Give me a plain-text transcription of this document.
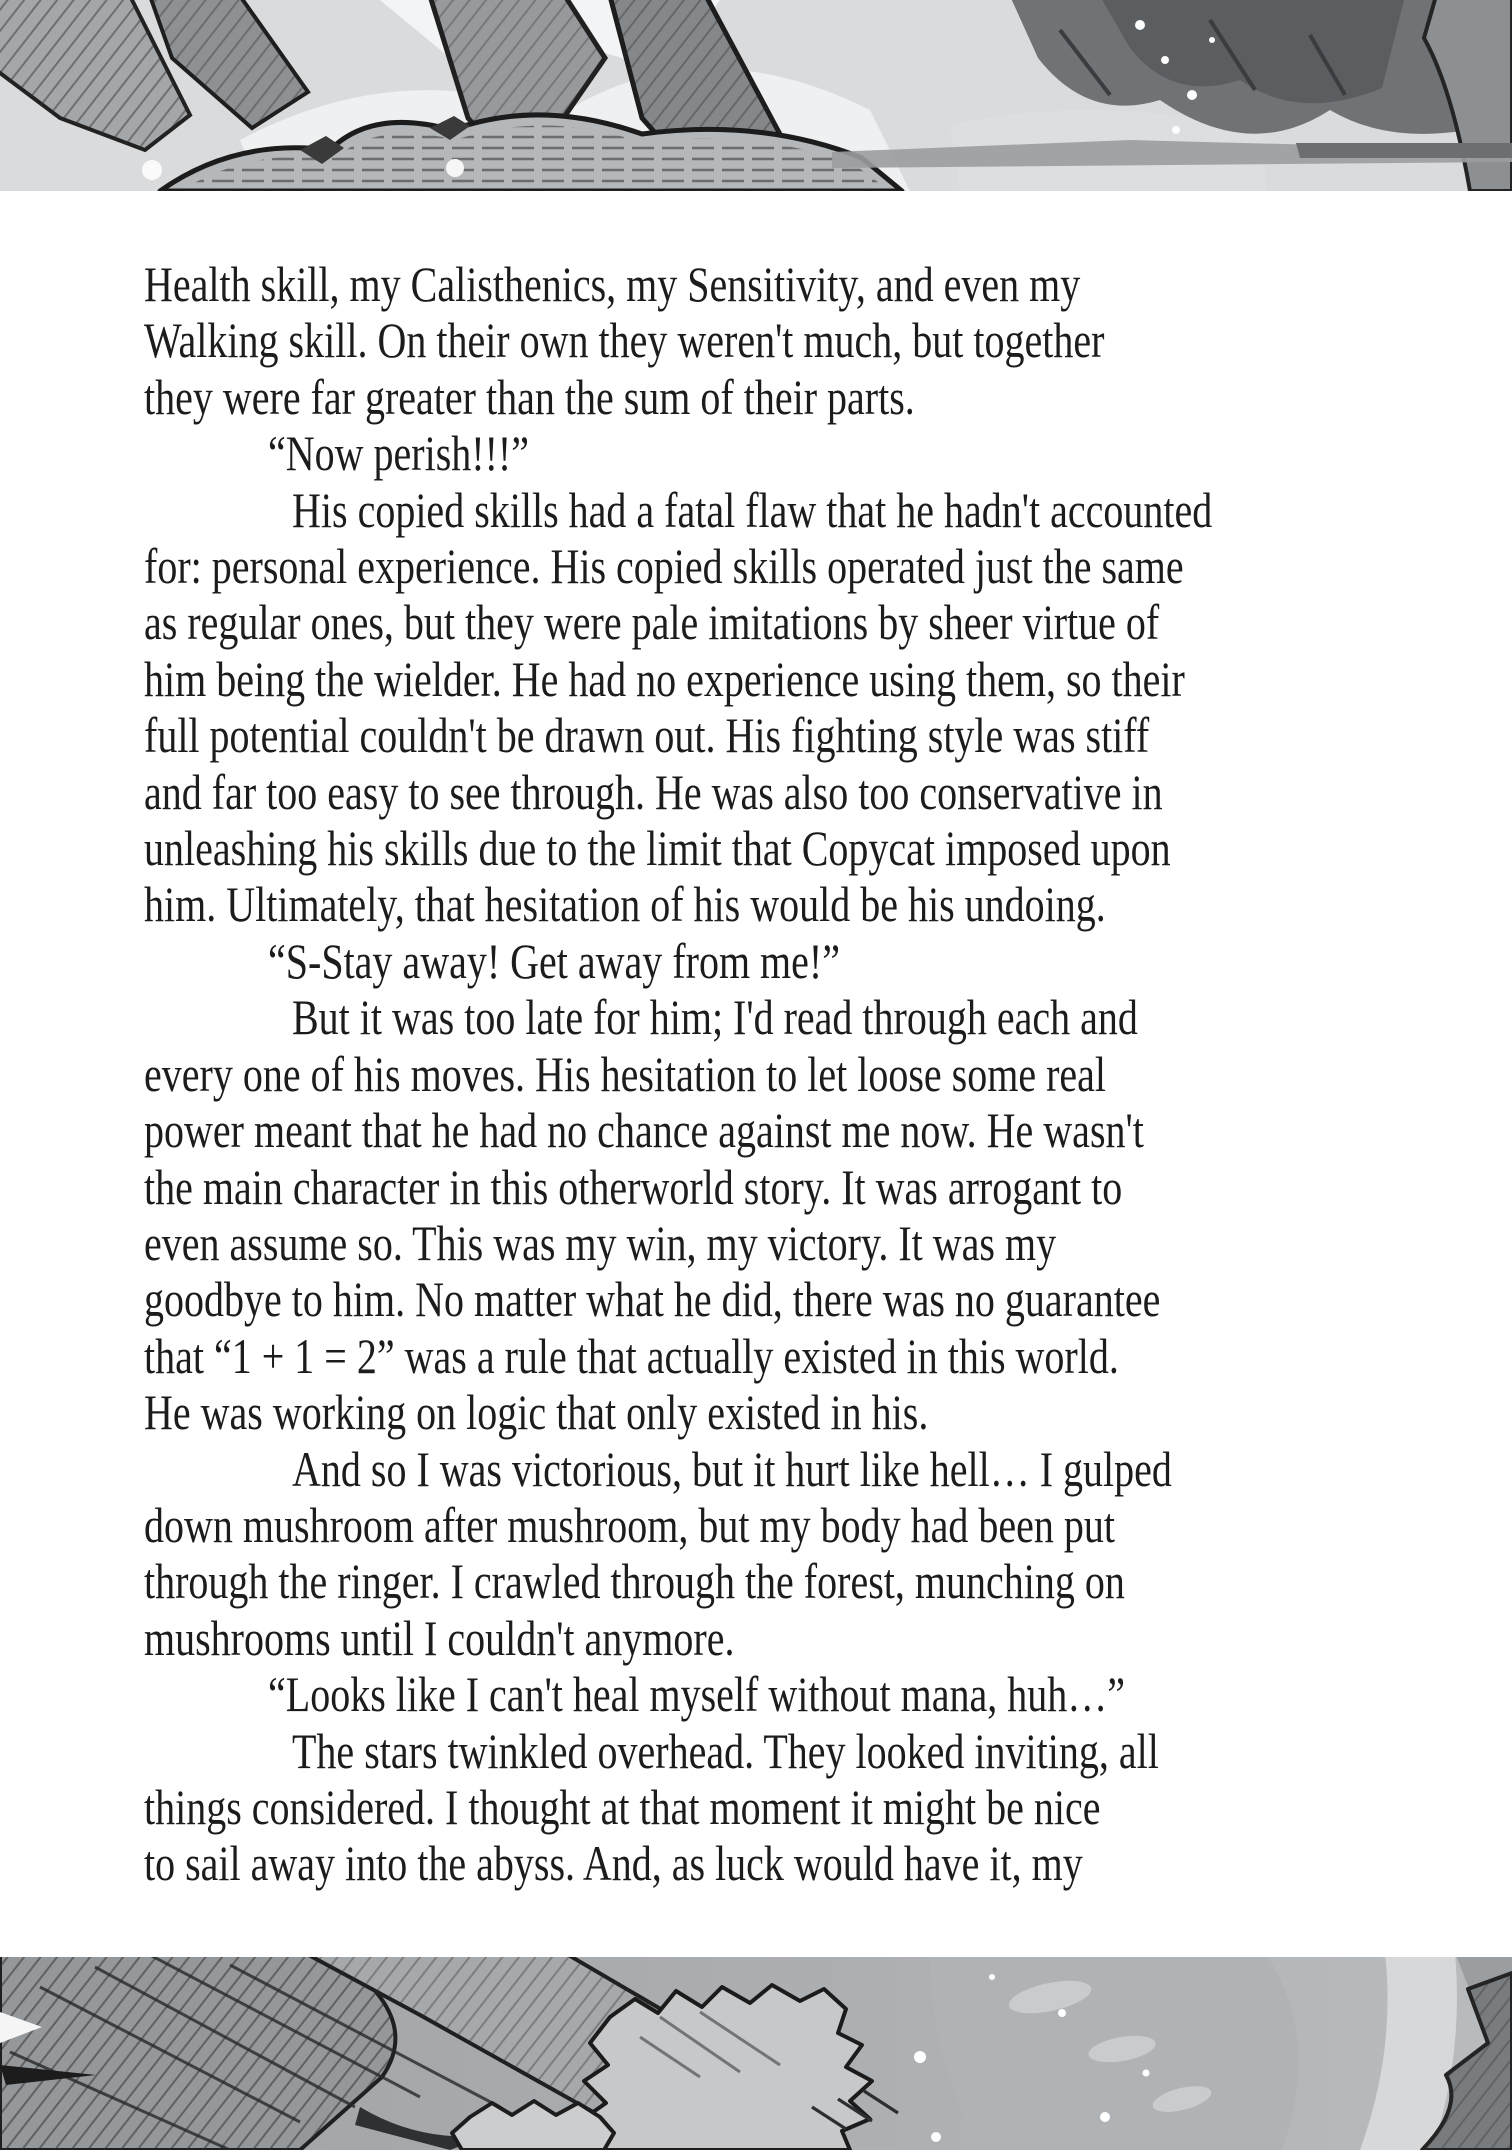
Health skill, my Calisthenics, my Sensitivity, and even my
Walking skill. On their own they weren't much, but together
they were far greater than the sum of their parts.
“Now perish!!!”
His copied skills had a fatal flaw that he hadn't accounted
for: personal experience. His copied skills operated just the same
as regular ones, but they were pale imitations by sheer virtue of
him being the wielder. He had no experience using them, so their
full potential couldn't be drawn out. His fighting style was stiff
and far too easy to see through. He was also too conservative in
unleashing his skills due to the limit that Copycat imposed upon
him. Ultimately, that hesitation of his would be his undoing.
“S-Stay away! Get away from me!”
But it was too late for him; I'd read through each and
every one of his moves. His hesitation to let loose some real
power meant that he had no chance against me now. He wasn't
the main character in this otherworld story. It was arrogant to
even assume so. This was my win, my victory. It was my
goodbye to him. No matter what he did, there was no guarantee
that “1 + 1 = 2” was a rule that actually existed in this world.
He was working on logic that only existed in his.
And so I was victorious, but it hurt like hell… I gulped
down mushroom after mushroom, but my body had been put
through the ringer. I crawled through the forest, munching on
mushrooms until I couldn't anymore.
“Looks like I can't heal myself without mana, huh…”
The stars twinkled overhead. They looked inviting, all
things considered. I thought at that moment it might be nice
to sail away into the abyss. And, as luck would have it, my
